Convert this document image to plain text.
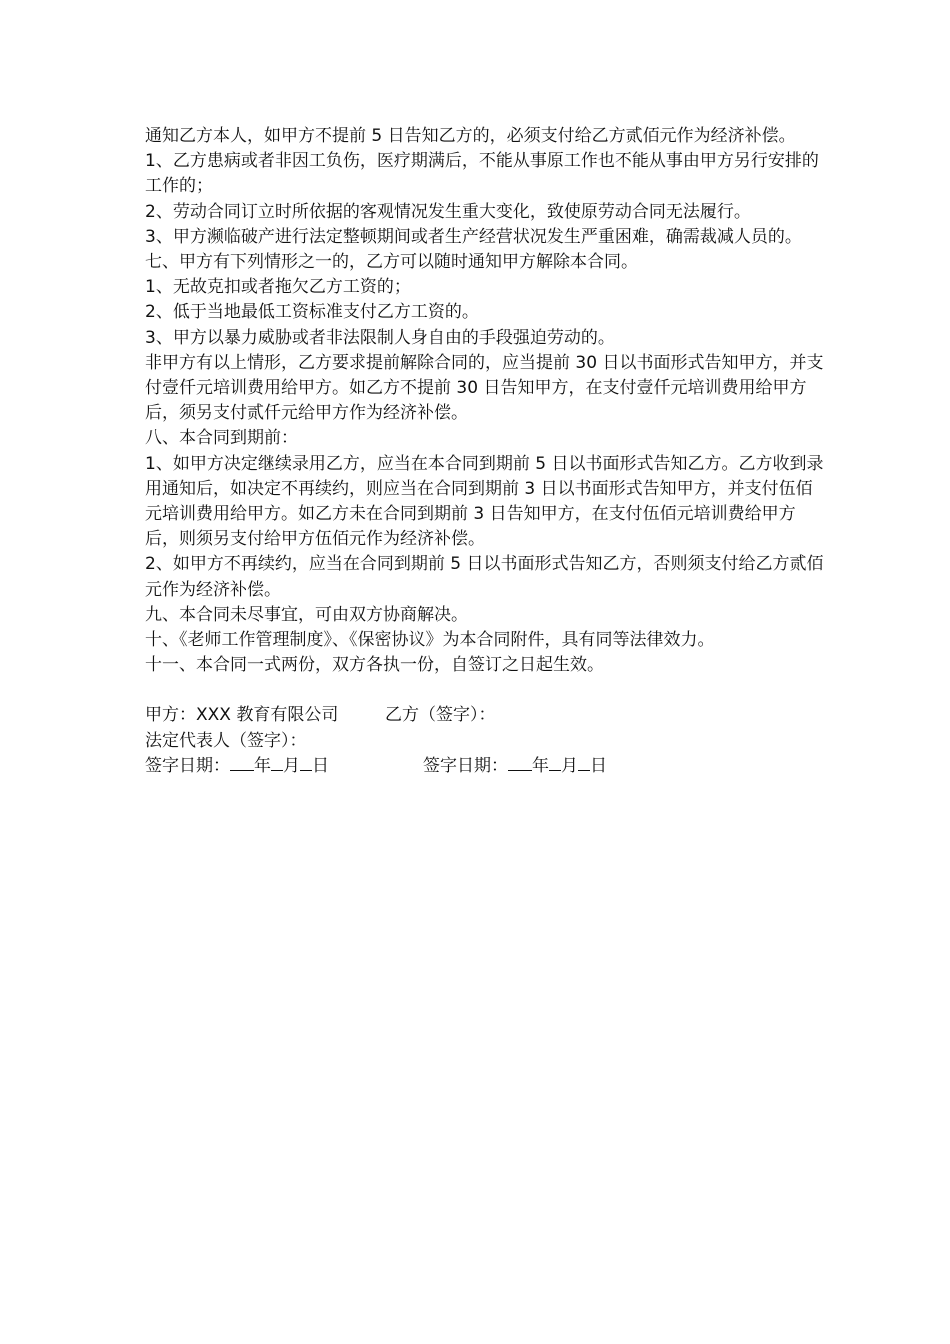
通知乙方本人，如甲方不提前 5 日告知乙方的，必须支付给乙方贰佰元作为经济补偿。

1、乙方患病或者非因工负伤，医疗期满后，不能从事原工作也不能从事由甲方另行安排的工作的；

2、劳动合同订立时所依据的客观情况发生重大变化，致使原劳动合同无法履行。

3、甲方濒临破产进行法定整顿期间或者生产经营状况发生严重困难，确需裁减人员的。

七、甲方有下列情形之一的，乙方可以随时通知甲方解除本合同。

1、无故克扣或者拖欠乙方工资的；

2、低于当地最低工资标准支付乙方工资的。

3、甲方以暴力威胁或者非法限制人身自由的手段强迫劳动的。

非甲方有以上情形，乙方要求提前解除合同的，应当提前 30 日以书面形式告知甲方，并支付壹仟元培训费用给甲方。如乙方不提前 30 日告知甲方，在支付壹仟元培训费用给甲方后，须另支付贰仟元给甲方作为经济补偿。

八、本合同到期前：

1、如甲方决定继续录用乙方，应当在本合同到期前 5 日以书面形式告知乙方。乙方收到录用通知后，如决定不再续约，则应当在合同到期前 3 日以书面形式告知甲方，并支付伍佰元培训费用给甲方。如乙方未在合同到期前 3 日告知甲方，在支付伍佰元培训费给甲方后，则须另支付给甲方伍佰元作为经济补偿。

2、如甲方不再续约，应当在合同到期前 5 日以书面形式告知乙方，否则须支付给乙方贰佰元作为经济补偿。

九、本合同未尽事宜，可由双方协商解决。

十、《老师工作管理制度》、《保密协议》为本合同附件，具有同等法律效力。

十一、本合同一式两份，双方各执一份，自签订之日起生效。

甲方：XXX 教育有限公司	乙方（签字）：
法定代表人（签字）：
签字日期： 年 月 日	签字日期： 年 月 日
